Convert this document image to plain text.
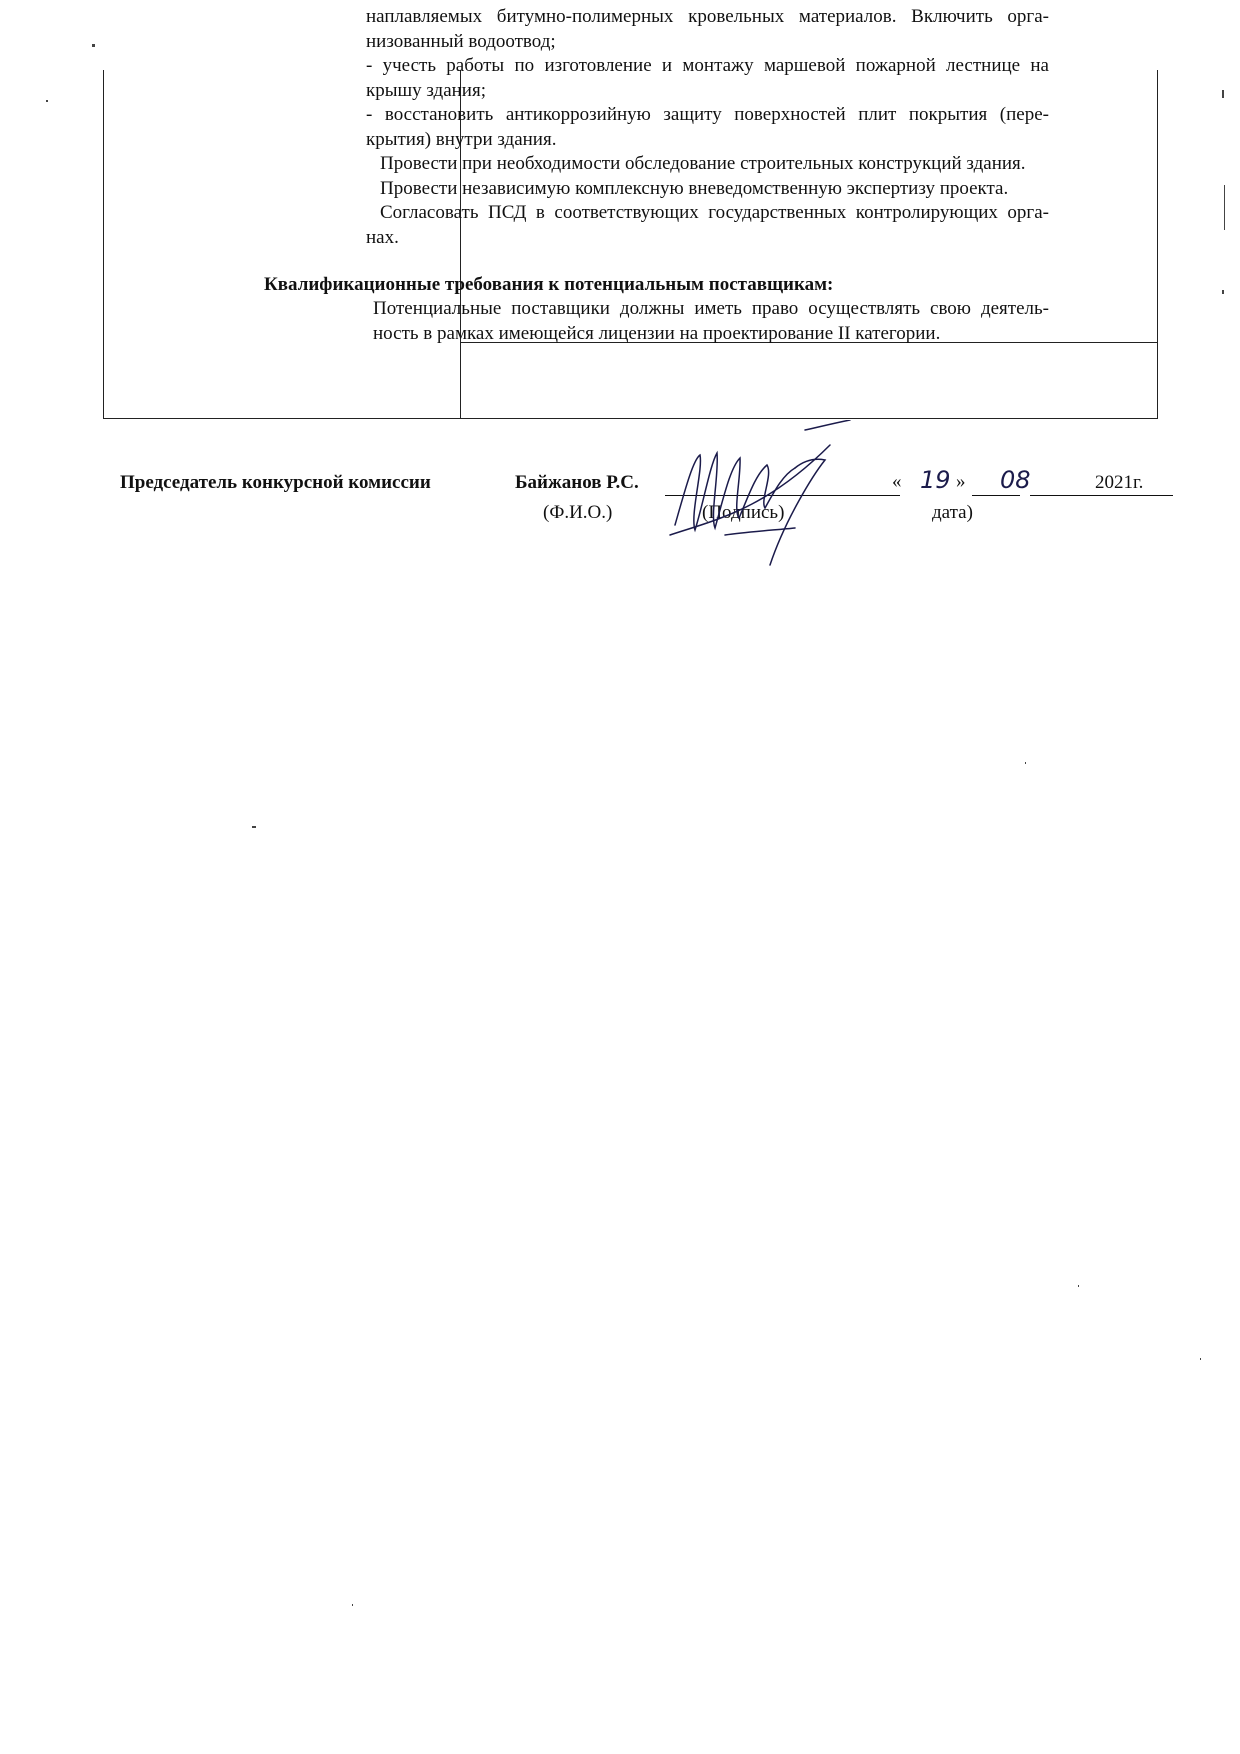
наплавляемых битумно-полимерных кровельных материалов. Включить орга-низованный водоотвод;

- учесть работы по изготовление и монтажу маршевой пожарной лестнице на крышу здания;

- восстановить антикоррозийную защиту поверхностей плит покрытия (пере-крытия) внутри здания.

Провести при необходимости обследование строительных конструкций здания.

Провести независимую комплексную вневедомственную экспертизу проекта.

Согласовать ПСД в соответствующих государственных контролирующих орга-нах.

Квалификационные требования к потенциальным поставщикам:

Потенциальные поставщики должны иметь право осуществлять свою деятель-ность в рамках имеющейся лицензии на проектирование II категории.

Председатель конкурсной комиссии	Байжанов Р.С.	« 19 » 08	2021г.
(Ф.И.О.)	(Подпись)	дата)
